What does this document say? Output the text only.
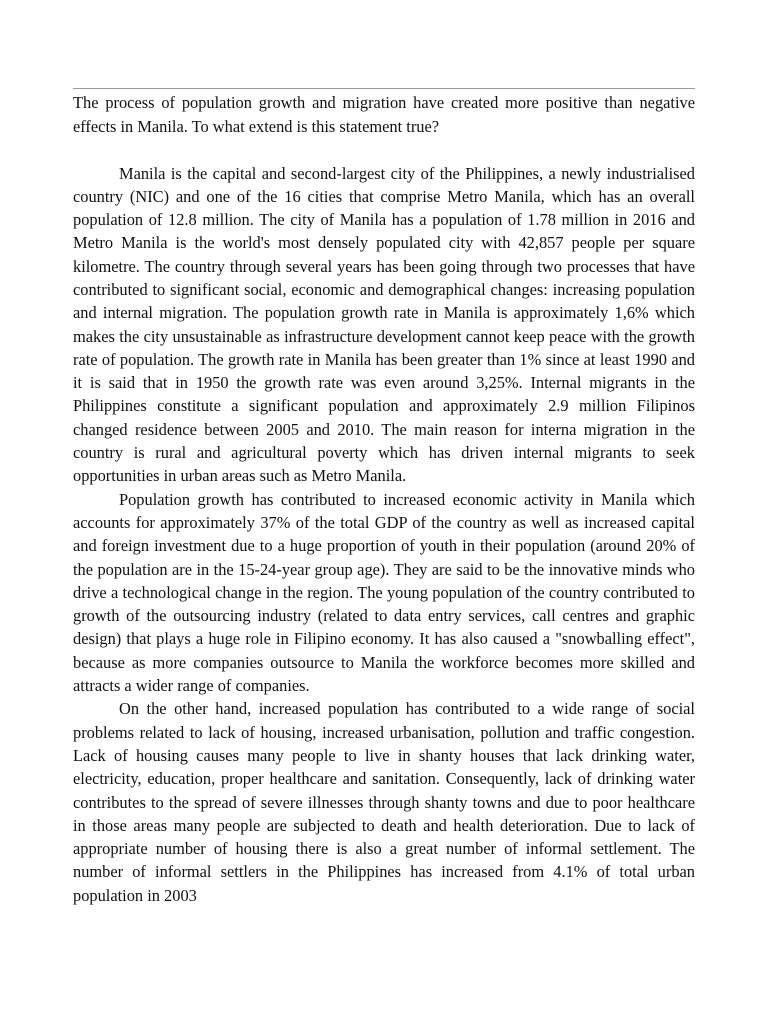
The process of population growth and migration have created more positive than negative effects in Manila. To what extend is this statement true?

Manila is the capital and second-largest city of the Philippines, a newly industrialised country (NIC) and one of the 16 cities that comprise Metro Manila, which has an overall population of 12.8 million. The city of Manila has a population of 1.78 million in 2016 and Metro Manila is the world's most densely populated city with 42,857 people per square kilometre. The country through several years has been going through two processes that have contributed to significant social, economic and demographical changes: increasing population and internal migration. The population growth rate in Manila is approximately 1,6% which makes the city unsustainable as infrastructure development cannot keep peace with the growth rate of population. The growth rate in Manila has been greater than 1% since at least 1990 and it is said that in 1950 the growth rate was even around 3,25%. Internal migrants in the Philippines constitute a significant population and approximately 2.9 million Filipinos changed residence between 2005 and 2010. The main reason for interna migration in the country is rural and agricultural poverty which has driven internal migrants to seek opportunities in urban areas such as Metro Manila.

Population growth has contributed to increased economic activity in Manila which accounts for approximately 37% of the total GDP of the country as well as increased capital and foreign investment due to a huge proportion of youth in their population (around 20% of the population are in the 15-24-year group age). They are said to be the innovative minds who drive a technological change in the region. The young population of the country contributed to growth of the outsourcing industry (related to data entry services, call centres and graphic design) that plays a huge role in Filipino economy. It has also caused a "snowballing effect", because as more companies outsource to Manila the workforce becomes more skilled and attracts a wider range of companies.

On the other hand, increased population has contributed to a wide range of social problems related to lack of housing, increased urbanisation, pollution and traffic congestion. Lack of housing causes many people to live in shanty houses that lack drinking water, electricity, education, proper healthcare and sanitation. Consequently, lack of drinking water contributes to the spread of severe illnesses through shanty towns and due to poor healthcare in those areas many people are subjected to death and health deterioration. Due to lack of appropriate number of housing there is also a great number of informal settlement. The number of informal settlers in the Philippines has increased from 4.1% of total urban population in 2003
